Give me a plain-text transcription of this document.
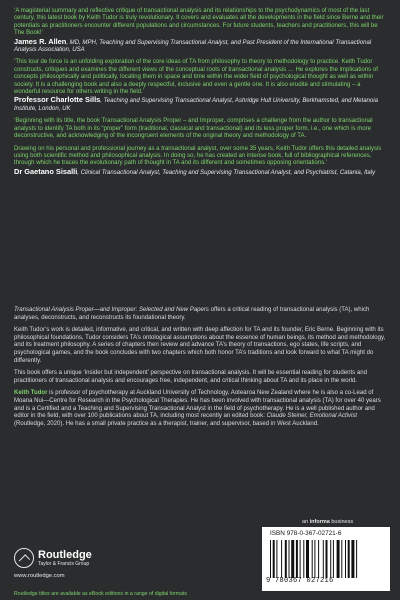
‘A magisterial summary and reflective critique of transactional analysis and its relationships to the psychodynamics of most of the last century, this latest book by Keith Tudor is truly revolutionary. It covers and evaluates all the developments in the field since Berne and their potentials as practitioners encounter different populations and circumstances. For future students, teachers and practitioners, this will be The Book!’

James R. Allen, MD, MPH, Teaching and Supervising Transactional Analyst, and Past President of the International Transactional Analysis Association, USA

‘This tour de force is an unfolding exploration of the core ideas of TA from philosophy to theory to methodology to practice. Keith Tudor constructs, critiques and examines the different views of the conceptual roots of transactional analysis … He explores the implications of concepts philosophically and politically, locating them in space and time within the wider field of psychological thought as well as within society. It is a challenging book and also a deeply respectful, inclusive and even a gentle one. It is also erudite and stimulating – a wonderful resource for others writing in the field.’

Professor Charlotte Sills, Teaching and Supervising Transactional Analyst, Ashridge Hult University, Berkhamsted, and Metanoia Institute, London, UK

‘Beginning with its title, the book Transactional Analysis Proper – and Improper, comprises a challenge from the author to transactional analysts to identify TA both in its “proper” form (traditional, classical and transactional) and its less proper form, i.e., one which is more deconstructive, and acknowledging of the incongruent elements of the original theory and methodology of TA.

Drawing on his personal and professional journey as a transactional analyst, over some 35 years, Keith Tudor offers this detailed analysis using both scientific method and philosophical analysis. In doing so, he has created an intense book, full of bibliographical references, through which he traces the evolutionary path of thought in TA and its different and sometimes opposing orientations.’

Dr Gaetano Sisalli, Clinical Transactional Analyst, Teaching and Supervising Transactional Analyst, and Psychiatrist, Catania, Italy

Transactional Analysis Proper—and Improper: Selected and New Papers offers a critical reading of transactional analysis (TA), which analyses, deconstructs, and reconstructs its foundational theory.

Keith Tudor’s work is detailed, informative, and critical, and written with deep affection for TA and its founder, Eric Berne. Beginning with its philosophical foundations, Tudor considers TA’s ontological assumptions about the essence of human beings, its method and methodology, and its treatment philosophy. A series of chapters then review and advance TA’s theory of transactions, ego states, life scripts, and psychological games, and the book concludes with two chapters which both honor TA’s traditions and look forward to what TA might do differently.

This book offers a unique ‘insider but independent’ perspective on transactional analysis. It will be essential reading for students and practitioners of transactional analysis and encourages free, independent, and critical thinking about TA and its place in the world.

Keith Tudor is professor of psychotherapy at Auckland University of Technology, Aotearoa New Zealand where he is also a co-Lead of Moana Nui—Centre for Research in the Psychological Therapies. He has been involved with transactional analysis (TA) for over 40 years and is a Certified and a Teaching and Supervising Transactional Analyst in the field of psychotherapy. He is a well published author and editor in the field, with over 100 publications about TA, including most recently an edited book: Claude Steiner, Emotional Activist (Routledge, 2020). He has a small private practice as a therapist, trainer, and supervisor, based in West Auckland.

Routledge
Taylor & Francis Group
www.routledge.com
Routledge titles are available as eBook editions in a range of digital formats
an informa business
ISBN 978-0-367-02721-6
9 780367 027216
